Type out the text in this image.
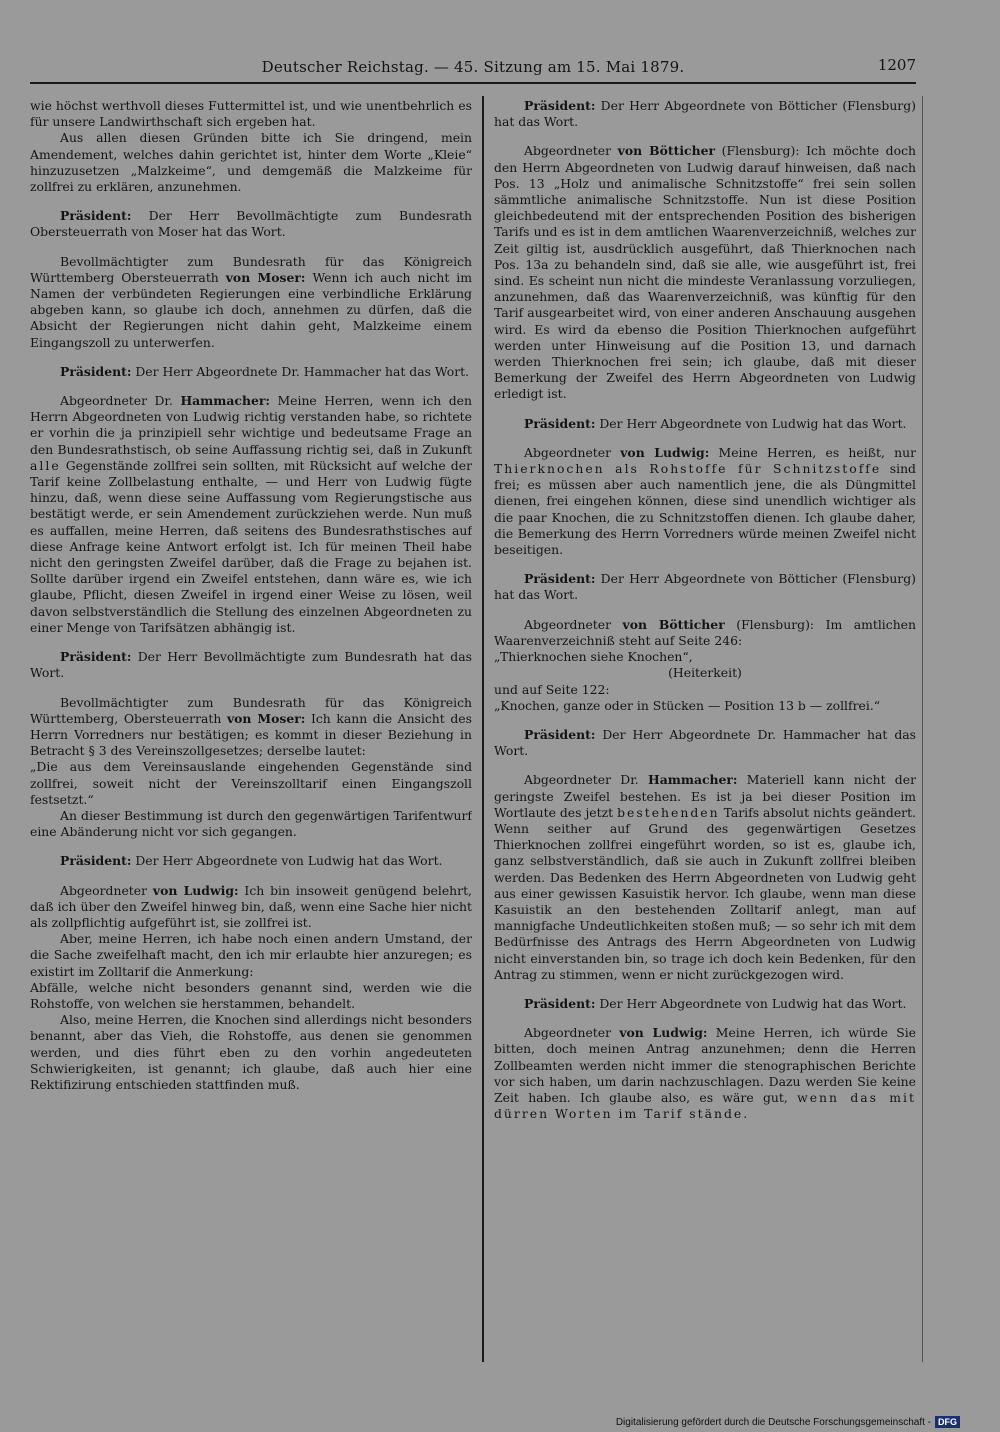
Deutscher Reichstag. — 45. Sitzung am 15. Mai 1879.	1207

wie höchst werthvoll dieses Futtermittel ist, und wie unentbehrlich es für unsere Landwirthschaft sich ergeben hat.

Aus allen diesen Gründen bitte ich Sie dringend, mein Amendement, welches dahin gerichtet ist, hinter dem Worte „Kleie“ hinzuzusetzen „Malzkeime“, und demgemäß die Malzkeime für zollfrei zu erklären, anzunehmen.

Präsident: Der Herr Bevollmächtigte zum Bundesrath Obersteuerrath von Moser hat das Wort.

Bevollmächtigter zum Bundesrath für das Königreich Württemberg Obersteuerrath von Moser: Wenn ich auch nicht im Namen der verbündeten Regierungen eine verbindliche Erklärung abgeben kann, so glaube ich doch, annehmen zu dürfen, daß die Absicht der Regierungen nicht dahin geht, Malzkeime einem Eingangszoll zu unterwerfen.

Präsident: Der Herr Abgeordnete Dr. Hammacher hat das Wort.

Abgeordneter Dr. Hammacher: Meine Herren, wenn ich den Herrn Abgeordneten von Ludwig richtig verstanden habe, so richtete er vorhin die ja prinzipiell sehr wichtige und bedeutsame Frage an den Bundesrathstisch, ob seine Auffassung richtig sei, daß in Zukunft alle Gegenstände zollfrei sein sollten, mit Rücksicht auf welche der Tarif keine Zollbelastung enthalte, — und Herr von Ludwig fügte hinzu, daß, wenn diese seine Auffassung vom Regierungstische aus bestätigt werde, er sein Amendement zurückziehen werde. Nun muß es auffallen, meine Herren, daß seitens des Bundesrathstisches auf diese Anfrage keine Antwort erfolgt ist. Ich für meinen Theil habe nicht den geringsten Zweifel darüber, daß die Frage zu bejahen ist. Sollte darüber irgend ein Zweifel entstehen, dann wäre es, wie ich glaube, Pflicht, diesen Zweifel in irgend einer Weise zu lösen, weil davon selbstverständlich die Stellung des einzelnen Abgeordneten zu einer Menge von Tarifsätzen abhängig ist.

Präsident: Der Herr Bevollmächtigte zum Bundesrath hat das Wort.

Bevollmächtigter zum Bundesrath für das Königreich Württemberg, Obersteuerrath von Moser: Ich kann die Ansicht des Herrn Vorredners nur bestätigen; es kommt in dieser Beziehung in Betracht § 3 des Vereinszollgesetzes; derselbe lautet:

„Die aus dem Vereinsauslande eingehenden Gegenstände sind zollfrei, soweit nicht der Vereinszolltarif einen Eingangszoll festsetzt.“

An dieser Bestimmung ist durch den gegenwärtigen Tarifentwurf eine Abänderung nicht vor sich gegangen.

Präsident: Der Herr Abgeordnete von Ludwig hat das Wort.

Abgeordneter von Ludwig: Ich bin insoweit genügend belehrt, daß ich über den Zweifel hinweg bin, daß, wenn eine Sache hier nicht als zollpflichtig aufgeführt ist, sie zollfrei ist.

Aber, meine Herren, ich habe noch einen andern Umstand, der die Sache zweifelhaft macht, den ich mir erlaubte hier anzuregen; es existirt im Zolltarif die Anmerkung:

Abfälle, welche nicht besonders genannt sind, werden wie die Rohstoffe, von welchen sie herstammen, behandelt.

Also, meine Herren, die Knochen sind allerdings nicht besonders benannt, aber das Vieh, die Rohstoffe, aus denen sie genommen werden, und dies führt eben zu den vorhin angedeuteten Schwierigkeiten, ist genannt; ich glaube, daß auch hier eine Rektifizirung entschieden stattfinden muß.

Präsident: Der Herr Abgeordnete von Bötticher (Flensburg) hat das Wort.

Abgeordneter von Bötticher (Flensburg): Ich möchte doch den Herrn Abgeordneten von Ludwig darauf hinweisen, daß nach Pos. 13 „Holz und animalische Schnitzstoffe“ frei sein sollen sämmtliche animalische Schnitzstoffe. Nun ist diese Position gleichbedeutend mit der entsprechenden Position des bisherigen Tarifs und es ist in dem amtlichen Waarenverzeichniß, welches zur Zeit giltig ist, ausdrücklich ausgeführt, daß Thierknochen nach Pos. 13a zu behandeln sind, daß sie alle, wie ausgeführt ist, frei sind. Es scheint nun nicht die mindeste Veranlassung vorzuliegen, anzunehmen, daß das Waarenverzeichniß, was künftig für den Tarif ausgearbeitet wird, von einer anderen Anschauung ausgehen wird. Es wird da ebenso die Position Thierknochen aufgeführt werden unter Hinweisung auf die Position 13, und darnach werden Thierknochen frei sein; ich glaube, daß mit dieser Bemerkung der Zweifel des Herrn Abgeordneten von Ludwig erledigt ist.

Präsident: Der Herr Abgeordnete von Ludwig hat das Wort.

Abgeordneter von Ludwig: Meine Herren, es heißt, nur Thierknochen als Rohstoffe für Schnitzstoffe sind frei; es müssen aber auch namentlich jene, die als Düngmittel dienen, frei eingehen können, diese sind unendlich wichtiger als die paar Knochen, die zu Schnitzstoffen dienen. Ich glaube daher, die Bemerkung des Herrn Vorredners würde meinen Zweifel nicht beseitigen.

Präsident: Der Herr Abgeordnete von Bötticher (Flensburg) hat das Wort.

Abgeordneter von Bötticher (Flensburg): Im amtlichen Waarenverzeichniß steht auf Seite 246:

„Thierknochen siehe Knochen“,

(Heiterkeit)

und auf Seite 122:

„Knochen, ganze oder in Stücken — Position 13 b — zollfrei.“

Präsident: Der Herr Abgeordnete Dr. Hammacher hat das Wort.

Abgeordneter Dr. Hammacher: Materiell kann nicht der geringste Zweifel bestehen. Es ist ja bei dieser Position im Wortlaute des jetzt bestehenden Tarifs absolut nichts geändert. Wenn seither auf Grund des gegenwärtigen Gesetzes Thierknochen zollfrei eingeführt worden, so ist es, glaube ich, ganz selbstverständlich, daß sie auch in Zukunft zollfrei bleiben werden. Das Bedenken des Herrn Abgeordneten von Ludwig geht aus einer gewissen Kasuistik hervor. Ich glaube, wenn man diese Kasuistik an den bestehenden Zolltarif anlegt, man auf mannigfache Undeutlichkeiten stoßen muß; — so sehr ich mit dem Bedürfnisse des Antrags des Herrn Abgeordneten von Ludwig nicht einverstanden bin, so trage ich doch kein Bedenken, für den Antrag zu stimmen, wenn er nicht zurückgezogen wird.

Präsident: Der Herr Abgeordnete von Ludwig hat das Wort.

Abgeordneter von Ludwig: Meine Herren, ich würde Sie bitten, doch meinen Antrag anzunehmen; denn die Herren Zollbeamten werden nicht immer die stenographischen Berichte vor sich haben, um darin nachzuschlagen. Dazu werden Sie keine Zeit haben. Ich glaube also, es wäre gut, wenn das mit dürren Worten im Tarif stände.

Digitalisierung gefördert durch die Deutsche Forschungsgemeinschaft - DFG
